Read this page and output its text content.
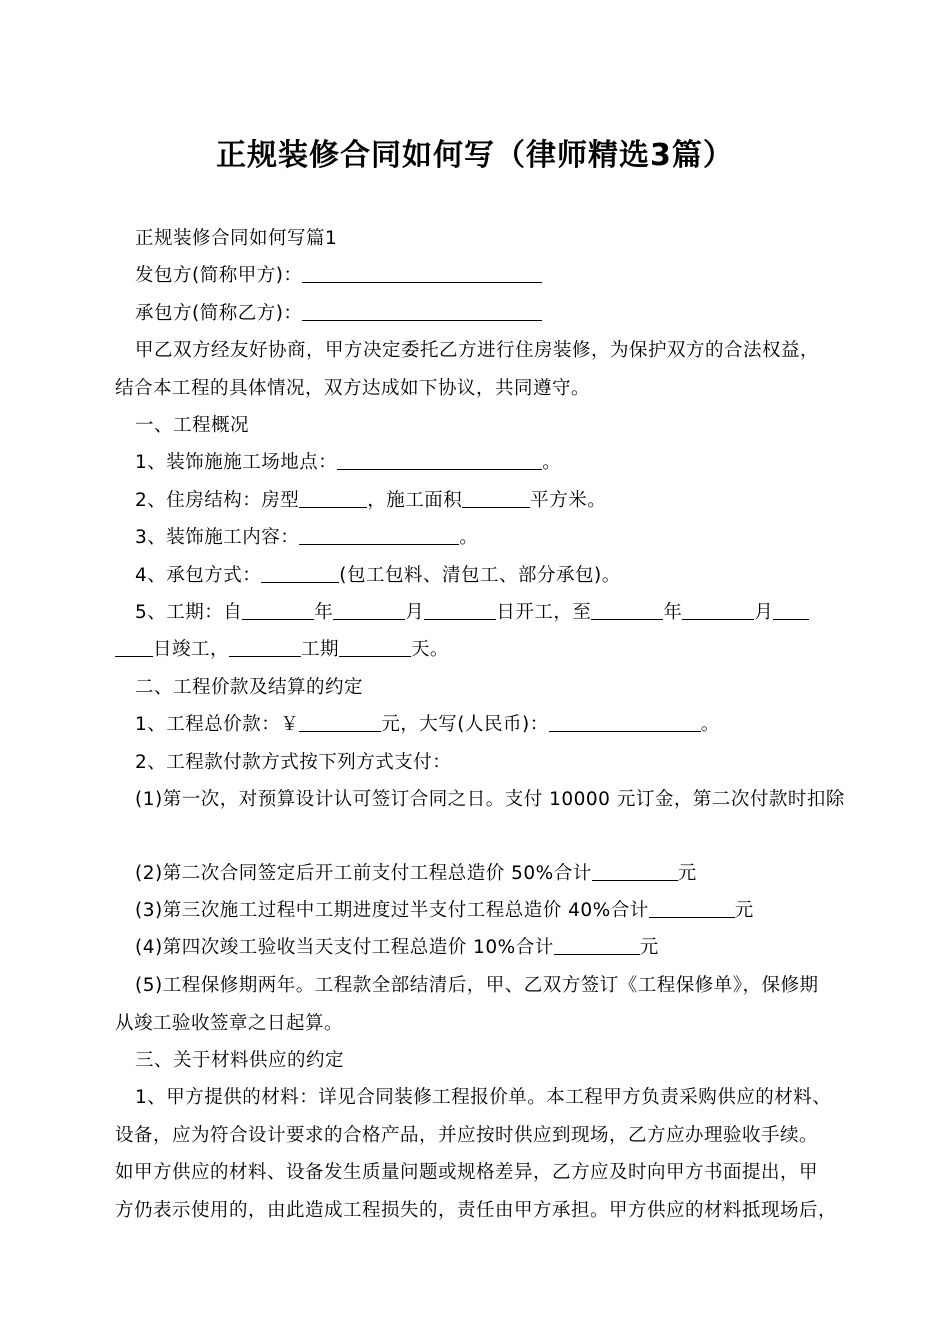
正规装修合同如何写（律师精选3篇）
正规装修合同如何写篇1
发包方(简称甲方)：
承包方(简称乙方)：
甲乙双方经友好协商，甲方决定委托乙方进行住房装修，为保护双方的合法权益，
结合本工程的具体情况，双方达成如下协议，共同遵守。
一、工程概况
1、装饰施施工场地点：	。
2、住房结构：房型	，施工面积	平方米。
3、装饰施工内容：	。
4、承包方式：	(包工包料、清包工、部分承包)。
5、工期：自	年	月	日开工，至	年	月
日竣工，	工期	天。
二、工程价款及结算的约定
1、工程总价款：￥	元，大写(人民币)：	。
2、工程款付款方式按下列方式支付：
(1)第一次，对预算设计认可签订合同之日。支付 10000 元订金，第二次付款时扣除
(2)第二次合同签定后开工前支付工程总造价 50%合计	元
(3)第三次施工过程中工期进度过半支付工程总造价 40%合计	元
(4)第四次竣工验收当天支付工程总造价 10%合计	元
(5)工程保修期两年。工程款全部结清后，甲、乙双方签订《工程保修单》，保修期
从竣工验收签章之日起算。
三、关于材料供应的约定
1、甲方提供的材料：详见合同装修工程报价单。本工程甲方负责采购供应的材料、
设备，应为符合设计要求的合格产品，并应按时供应到现场，乙方应办理验收手续。
如甲方供应的材料、设备发生质量问题或规格差异，乙方应及时向甲方书面提出，甲
方仍表示使用的，由此造成工程损失的，责任由甲方承担。甲方供应的材料抵现场后，
